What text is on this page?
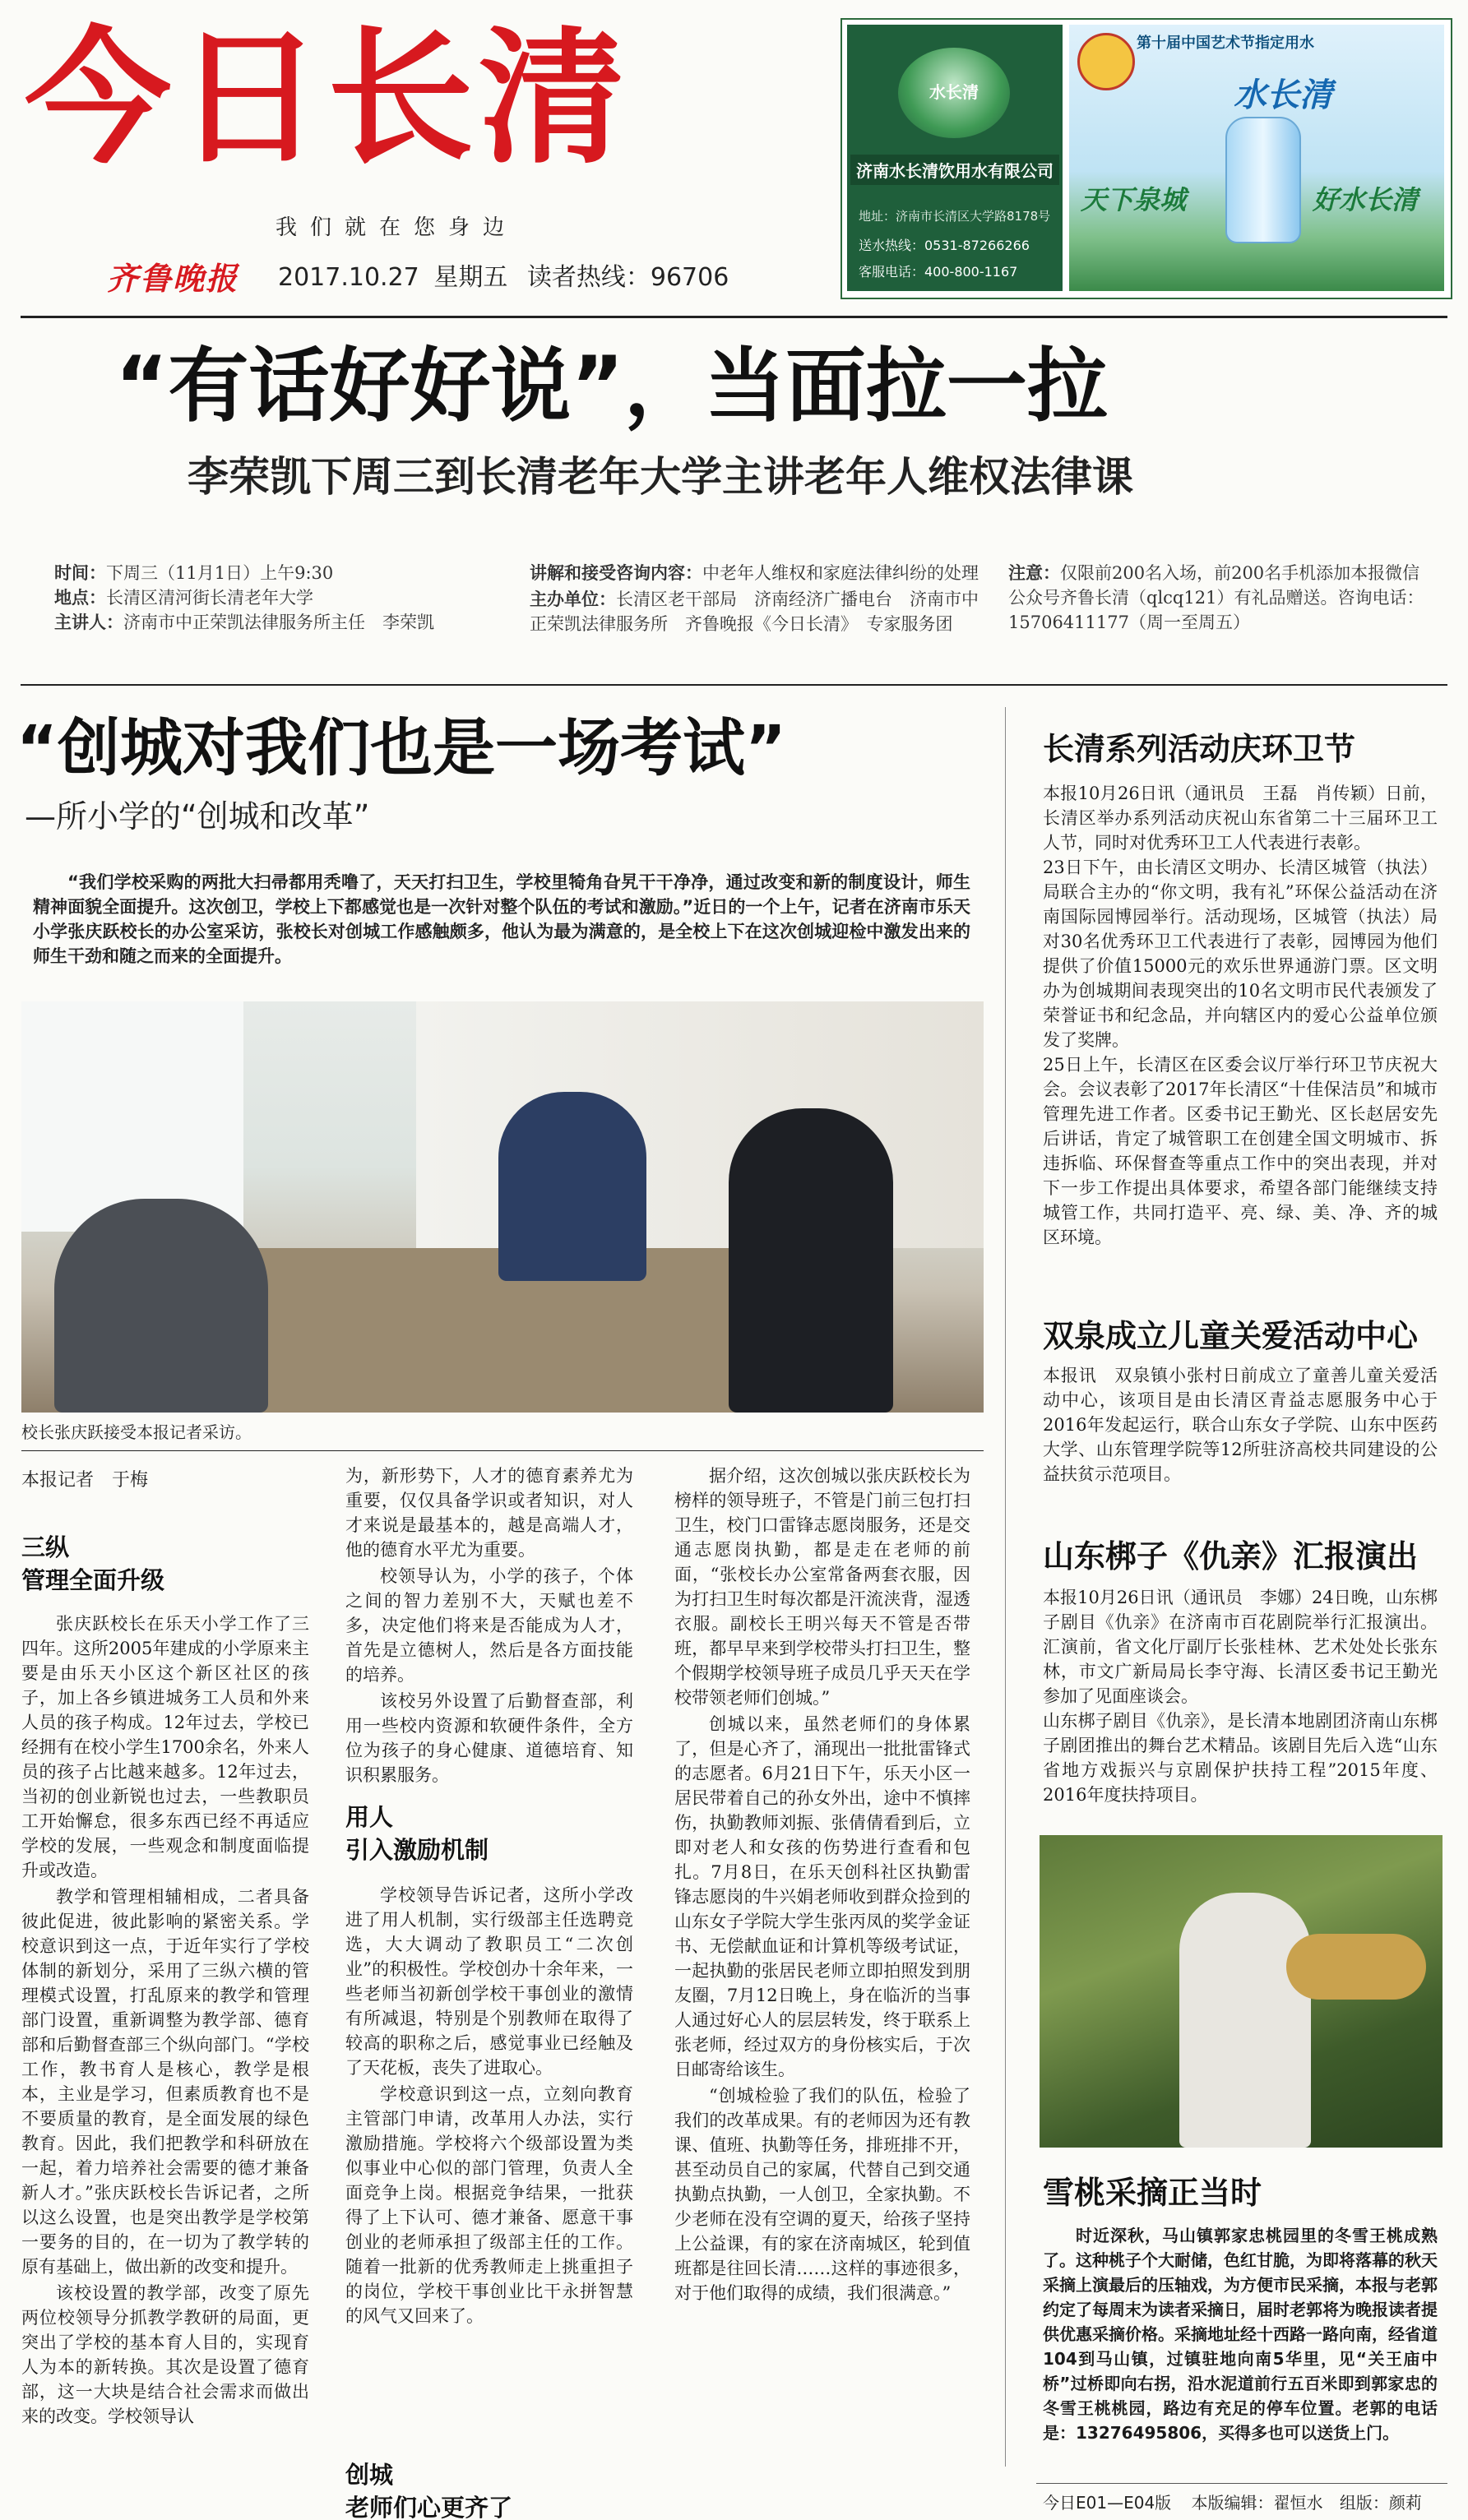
今日长清
我们就在您身边
齐鲁晚报 2017.10.27 星期五 读者热线：96706
水长清
济南水长清饮用水有限公司
地址：济南市长清区大学路8178号
送水热线：0531-87266266
客服电话：400-800-1167
第十届中国艺术节指定用水
水长清
天下泉城	好水长清
“有话好好说”，当面拉一拉
李荣凯下周三到长清老年大学主讲老年人维权法律课
时间：下周三（11月1日）上午9:30
地点：长清区清河街长清老年大学
主讲人：济南市中正荣凯法律服务所主任　李荣凯
讲解和接受咨询内容：中老年人维权和家庭法律纠纷的处理
主办单位：长清区老干部局　济南经济广播电台　济南市中正荣凯法律服务所　齐鲁晚报《今日长清》　专家服务团
注意：仅限前200名入场，前200名手机添加本报微信公众号齐鲁长清（qlcq121）有礼品赠送。咨询电话：15706411177（周一至周五）
“创城对我们也是一场考试”
—所小学的“创城和改革”
“我们学校采购的两批大扫帚都用秃噜了，天天打扫卫生，学校里犄角旮旯干干净净，通过改变和新的制度设计，师生精神面貌全面提升。这次创卫，学校上下都感觉也是一次针对整个队伍的考试和激励。”近日的一个上午，记者在济南市乐天小学张庆跃校长的办公室采访，张校长对创城工作感触颇多，他认为最为满意的，是全校上下在这次创城迎检中激发出来的师生干劲和随之而来的全面提升。
校长张庆跃接受本报记者采访。
本报记者　于梅
三纵
管理全面升级

张庆跃校长在乐天小学工作了三四年。这所2005年建成的小学原来主要是由乐天小区这个新区社区的孩子，加上各乡镇进城务工人员和外来人员的孩子构成。12年过去，学校已经拥有在校小学生1700余名，外来人员的孩子占比越来越多。12年过去，当初的创业新锐也过去，一些教职员工开始懈怠，很多东西已经不再适应学校的发展，一些观念和制度面临提升或改造。

教学和管理相辅相成，二者具备彼此促进，彼此影响的紧密关系。学校意识到这一点，于近年实行了学校体制的新划分，采用了三纵六横的管理模式设置，打乱原来的教学和管理部门设置，重新调整为教学部、德育部和后勤督查部三个纵向部门。“学校工作，教书育人是核心，教学是根本，主业是学习，但素质教育也不是不要质量的教育，是全面发展的绿色教育。因此，我们把教学和科研放在一起，着力培养社会需要的德才兼备新人才。”张庆跃校长告诉记者，之所以这么设置，也是突出教学是学校第一要务的目的，在一切为了教学转的原有基础上，做出新的改变和提升。

该校设置的教学部，改变了原先两位校领导分抓教学教研的局面，更突出了学校的基本育人目的，实现育人为本的新转换。其次是设置了德育部，这一大块是结合社会需求而做出来的改变。学校领导认

为，新形势下，人才的德育素养尤为重要，仅仅具备学识或者知识，对人才来说是最基本的，越是高端人才，他的德育水平尤为重要。

校领导认为，小学的孩子，个体之间的智力差别不大，天赋也差不多，决定他们将来是否能成为人才，首先是立德树人，然后是各方面技能的培养。

该校另外设置了后勤督查部，利用一些校内资源和软硬件条件，全方位为孩子的身心健康、道德培育、知识积累服务。

用人
引入激励机制

学校领导告诉记者，这所小学改进了用人机制，实行级部主任选聘竞选，大大调动了教职员工“二次创业”的积极性。学校创办十余年来，一些老师当初新创学校干事创业的激情有所减退，特别是个别教师在取得了较高的职称之后，感觉事业已经触及了天花板，丧失了进取心。

学校意识到这一点，立刻向教育主管部门申请，改革用人办法，实行激励措施。学校将六个级部设置为类似事业中心似的部门管理，负责人全面竞争上岗。根据竞争结果，一批获得了上下认可、德才兼备、愿意干事创业的老师承担了级部主任的工作。随着一批新的优秀教师走上挑重担子的岗位，学校干事创业比干永拼智慧的风气又回来了。

创城
老师们心更齐了

据介绍，这次创城以张庆跃校长为榜样的领导班子，不管是门前三包打扫卫生，校门口雷锋志愿岗服务，还是交通志愿岗执勤，都是走在老师的前面，“张校长办公室常备两套衣服，因为打扫卫生时每次都是汗流浃背，湿透衣服。副校长王明兴每天不管是否带班，都早早来到学校带头打扫卫生，整个假期学校领导班子成员几乎天天在学校带领老师们创城。”

创城以来，虽然老师们的身体累了，但是心齐了，涌现出一批批雷锋式的志愿者。6月21日下午，乐天小区一居民带着自己的孙女外出，途中不慎摔伤，执勤教师刘振、张倩倩看到后，立即对老人和女孩的伤势进行查看和包扎。7月8日，在乐天创科社区执勤雷锋志愿岗的牛兴娟老师收到群众捡到的山东女子学院大学生张丙凤的奖学金证书、无偿献血证和计算机等级考试证，一起执勤的张居民老师立即拍照发到朋友圈，7月12日晚上，身在临沂的当事人通过好心人的层层转发，终于联系上张老师，经过双方的身份核实后，于次日邮寄给该生。

“创城检验了我们的队伍，检验了我们的改革成果。有的老师因为还有教课、值班、执勤等任务，排班排不开，甚至动员自己的家属，代替自己到交通执勤点执勤，一人创卫，全家执勤。不少老师在没有空调的夏天，给孩子坚持上公益课，有的家在济南城区，轮到值班都是往回长清……这样的事迹很多，对于他们取得的成绩，我们很满意。”

长清系列活动庆环卫节
本报10月26日讯（通讯员　王磊　肖传颖）日前，长清区举办系列活动庆祝山东省第二十三届环卫工人节，同时对优秀环卫工人代表进行表彰。
23日下午，由长清区文明办、长清区城管（执法）局联合主办的“你文明，我有礼”环保公益活动在济南国际园博园举行。活动现场，区城管（执法）局对30名优秀环卫工代表进行了表彰，园博园为他们提供了价值15000元的欢乐世界通游门票。区文明办为创城期间表现突出的10名文明市民代表颁发了荣誉证书和纪念品，并向辖区内的爱心公益单位颁发了奖牌。
25日上午，长清区在区委会议厅举行环卫节庆祝大会。会议表彰了2017年长清区“十佳保洁员”和城市管理先进工作者。区委书记王勤光、区长赵居安先后讲话，肯定了城管职工在创建全国文明城市、拆违拆临、环保督查等重点工作中的突出表现，并对下一步工作提出具体要求，希望各部门能继续支持城管工作，共同打造平、亮、绿、美、净、齐的城区环境。
双泉成立儿童关爱活动中心
本报讯　双泉镇小张村日前成立了童善儿童关爱活动中心，该项目是由长清区青益志愿服务中心于2016年发起运行，联合山东女子学院、山东中医药大学、山东管理学院等12所驻济高校共同建设的公益扶贫示范项目。
山东梆子《仇亲》汇报演出
本报10月26日讯（通讯员　李娜）24日晚，山东梆子剧目《仇亲》在济南市百花剧院举行汇报演出。汇演前，省文化厅副厅长张桂林、艺术处处长张东林，市文广新局局长李守海、长清区委书记王勤光参加了见面座谈会。
山东梆子剧目《仇亲》，是长清本地剧团济南山东梆子剧团推出的舞台艺术精品。该剧目先后入选“山东省地方戏振兴与京剧保护扶持工程”2015年度、2016年度扶持项目。
雪桃采摘正当时
时近深秋，马山镇郭家忠桃园里的冬雪王桃成熟了。这种桃子个大耐储，色红甘脆，为即将落幕的秋天采摘上演最后的压轴戏，为方便市民采摘，本报与老郭约定了每周末为读者采摘日，届时老郭将为晚报读者提供优惠采摘价格。采摘地址经十西路一路向南，经省道104到马山镇，过镇驻地向南5华里，见“关王庙中桥”过桥即向右拐，沿水泥道前行五百米即到郭家忠的冬雪王桃桃园，路边有充足的停车位置。老郭的电话是：13276495806，买得多也可以送货上门。
今日E01—E04版 本版编辑：翟恒水 组版：颜莉
